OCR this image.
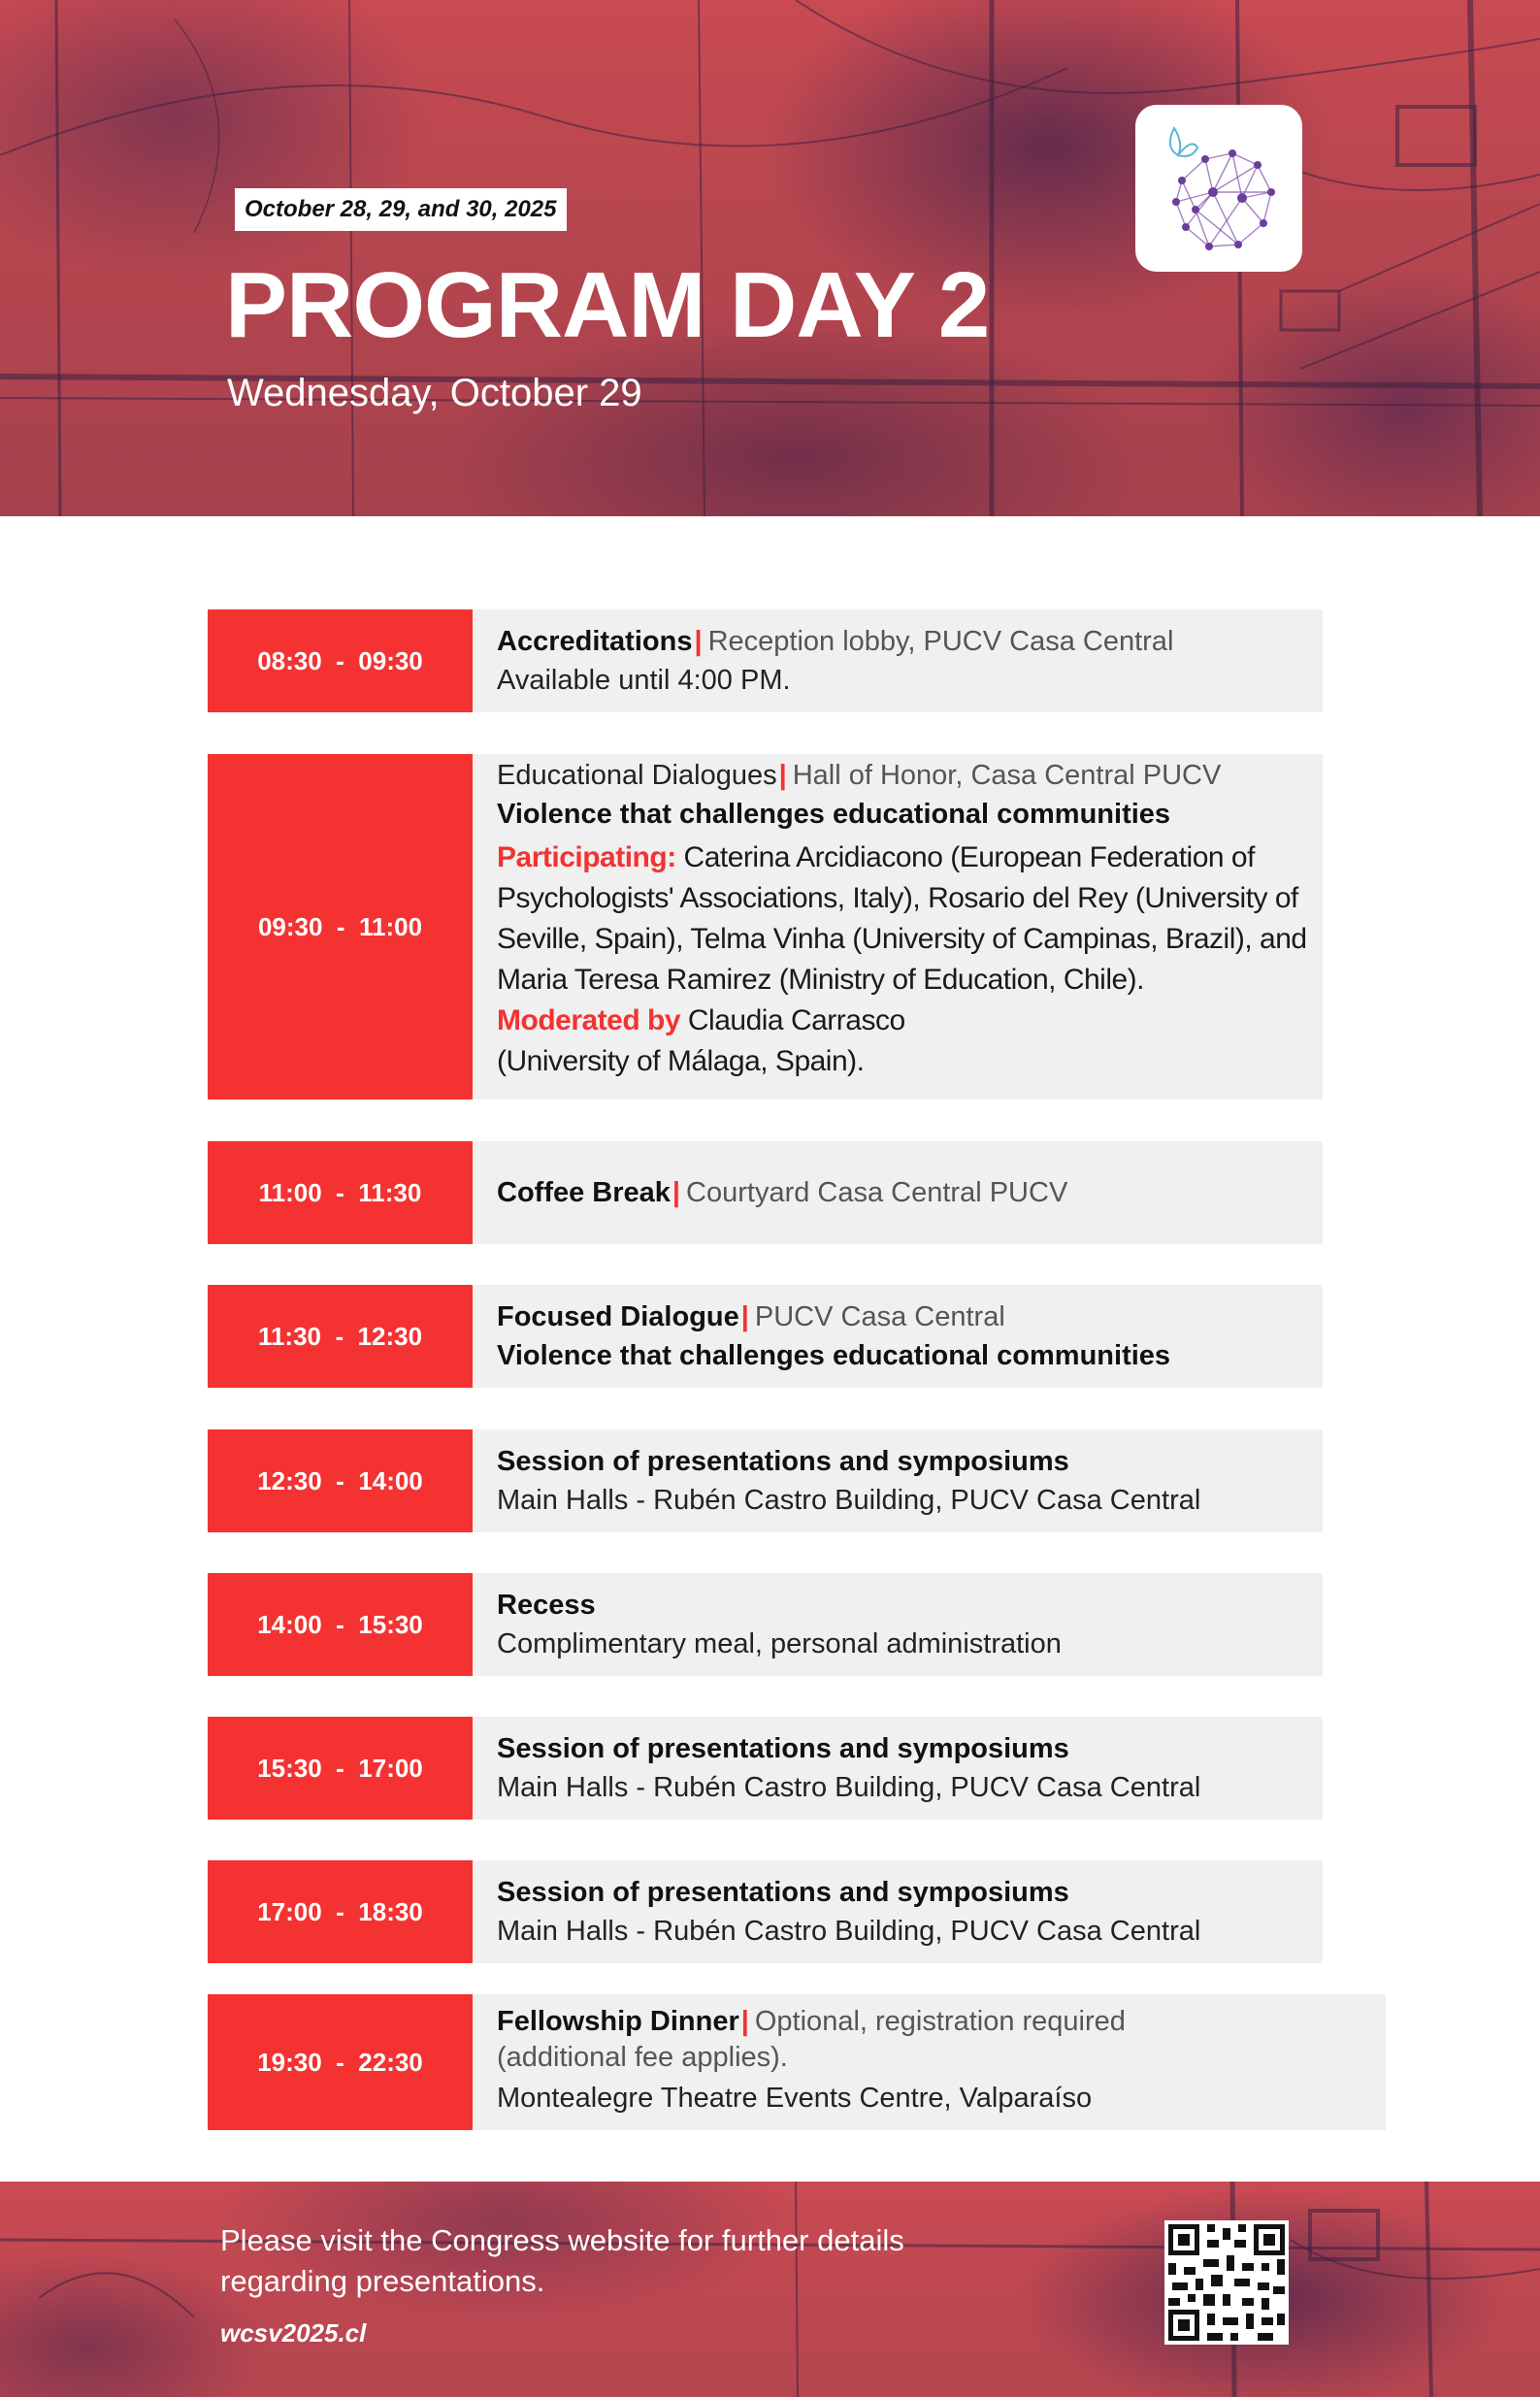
October 28, 29, and 30, 2025
PROGRAM DAY 2
Wednesday, October 29
08:30  -  09:30
Accreditations| Reception lobby, PUCV Casa Central
Available until 4:00 PM.
09:30  -  11:00
Educational Dialogues| Hall of Honor, Casa Central PUCV
Violence that challenges educational communities
Participating: Caterina Arcidiacono (European Federation of Psychologists' Associations, Italy), Rosario del Rey (University of Seville, Spain), Telma Vinha (University of Campinas, Brazil), and Maria Teresa Ramirez (Ministry of Education, Chile).
Moderated by Claudia Carrasco
(University of Málaga, Spain).
11:00  -  11:30	Coffee Break| Courtyard Casa Central PUCV
11:30  -  12:30
Focused Dialogue| PUCV Casa Central
Violence that challenges educational communities
12:30  -  14:00
Session of presentations and symposiums
Main Halls - Rubén Castro Building, PUCV Casa Central
14:00  -  15:30
Recess
Complimentary meal, personal administration
15:30  -  17:00
Session of presentations and symposiums
Main Halls - Rubén Castro Building, PUCV Casa Central
17:00  -  18:30
Session of presentations and symposiums
Main Halls - Rubén Castro Building, PUCV Casa Central
19:30  -  22:30
Fellowship Dinner| Optional, registration required
(additional fee applies).
Montealegre Theatre Events Centre, Valparaíso
Please visit the Congress website for further details regarding presentations.
wcsv2025.cl
